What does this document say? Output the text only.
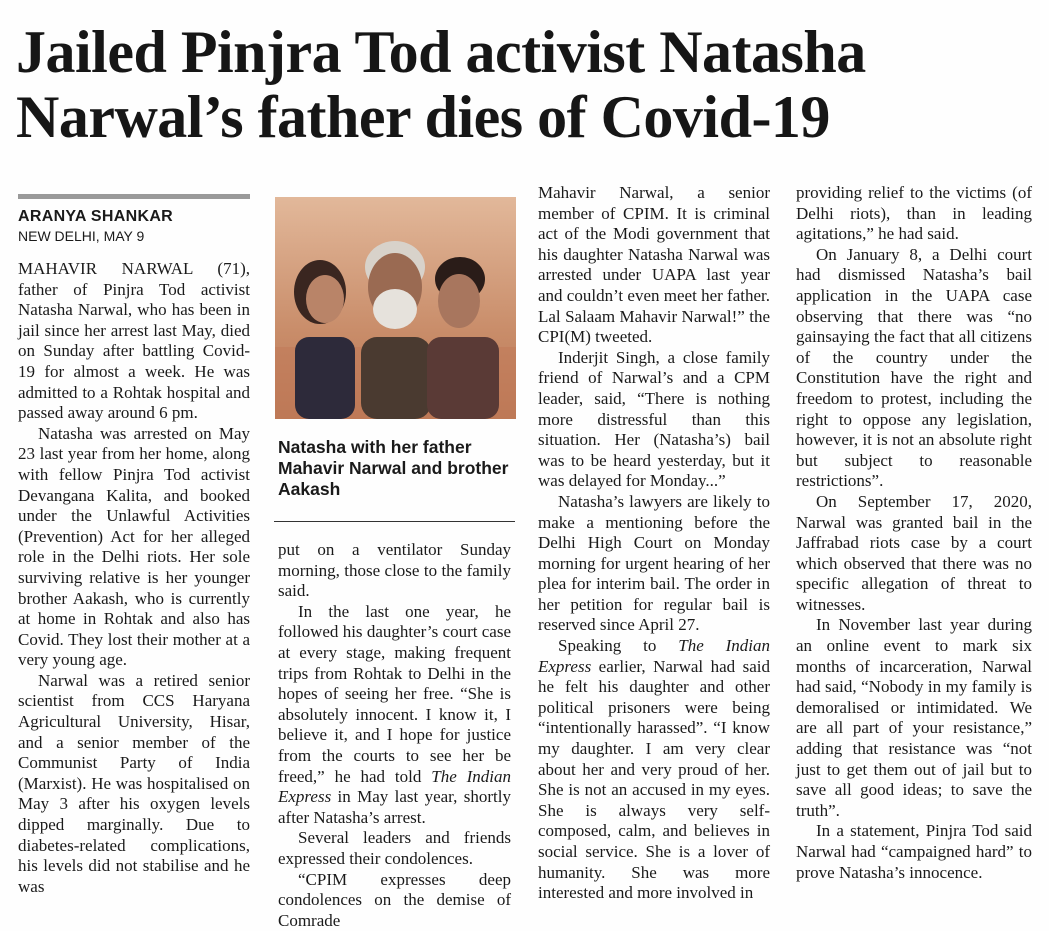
Jailed Pinjra Tod activist Natasha Narwal’s father dies of Covid-19
ARANYA SHANKAR
NEW DELHI, MAY 9

MAHAVIR NARWAL (71), father of Pinjra Tod activist Natasha Narwal, who has been in jail since her arrest last May, died on Sunday after battling Covid-19 for almost a week. He was admitted to a Rohtak hospital and passed away around 6 pm.

Natasha was arrested on May 23 last year from her home, along with fellow Pinjra Tod activist Devangana Kalita, and booked under the Unlawful Activities (Prevention) Act for her alleged role in the Delhi riots. Her sole surviving relative is her younger brother Aakash, who is currently at home in Rohtak and also has Covid. They lost their mother at a very young age.

Narwal was a retired senior scientist from CCS Haryana Agricultural University, Hisar, and a senior member of the Communist Party of India (Marxist). He was hospitalised on May 3 after his oxygen levels dipped marginally. Due to diabetes-related complications, his levels did not stabilise and he was

Natasha with her father Mahavir Narwal and brother Aakash

put on a ventilator Sunday morning, those close to the family said.

In the last one year, he followed his daughter’s court case at every stage, making frequent trips from Rohtak to Delhi in the hopes of seeing her free. “She is absolutely innocent. I know it, I believe it, and I hope for justice from the courts to see her be freed,” he had told The Indian Express in May last year, shortly after Natasha’s arrest.

Several leaders and friends expressed their condolences.

“CPIM expresses deep condolences on the demise of Comrade

Mahavir Narwal, a senior member of CPIM. It is criminal act of the Modi government that his daughter Natasha Narwal was arrested under UAPA last year and couldn’t even meet her father. Lal Salaam Mahavir Narwal!” the CPI(M) tweeted.

Inderjit Singh, a close family friend of Narwal’s and a CPM leader, said, “There is nothing more distressful than this situation. Her (Natasha’s) bail was to be heard yesterday, but it was delayed for Monday...”

Natasha’s lawyers are likely to make a mentioning before the Delhi High Court on Monday morning for urgent hearing of her plea for interim bail. The order in her petition for regular bail is reserved since April 27.

Speaking to The Indian Express earlier, Narwal had said he felt his daughter and other political prisoners were being “intentionally harassed”. “I know my daughter. I am very clear about her and very proud of her. She is not an accused in my eyes. She is always very self-composed, calm, and believes in social service. She is a lover of humanity. She was more interested and more involved in

providing relief to the victims (of Delhi riots), than in leading agitations,” he had said.

On January 8, a Delhi court had dismissed Natasha’s bail application in the UAPA case observing that there was “no gainsaying the fact that all citizens of the country under the Constitution have the right and freedom to protest, including the right to oppose any legislation, however, it is not an absolute right but subject to reasonable restrictions”.

On September 17, 2020, Narwal was granted bail in the Jaffrabad riots case by a court which observed that there was no specific allegation of threat to witnesses.

In November last year during an online event to mark six months of incarceration, Narwal had said, “Nobody in my family is demoralised or intimidated. We are all part of your resistance,” adding that resistance was “not just to get them out of jail but to save all good ideas; to save the truth”.

In a statement, Pinjra Tod said Narwal had “campaigned hard” to prove Natasha’s innocence.
